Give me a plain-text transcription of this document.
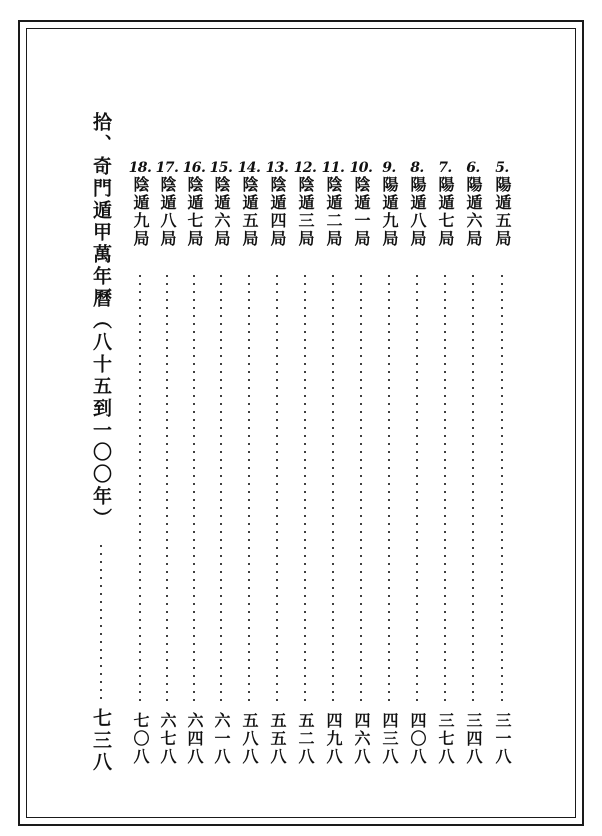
拾、奇門遁甲萬年曆（八十五到一〇〇年）
七三八
5.
陽遁五局
6.
陽遁六局
7.
陽遁七局
8.
陽遁八局
9.
陽遁九局
10.
陰遁一局
11.
陰遁二局
12.
陰遁三局
13.
陰遁四局
14.
陰遁五局
15.
陰遁六局
16.
陰遁七局
17.
陰遁八局
18.
陰遁九局
三一八
三四八
三七八
四〇八
四三八
四六八
四九八
五二八
五五八
五八八
六一八
六四八
六七八
七〇八
